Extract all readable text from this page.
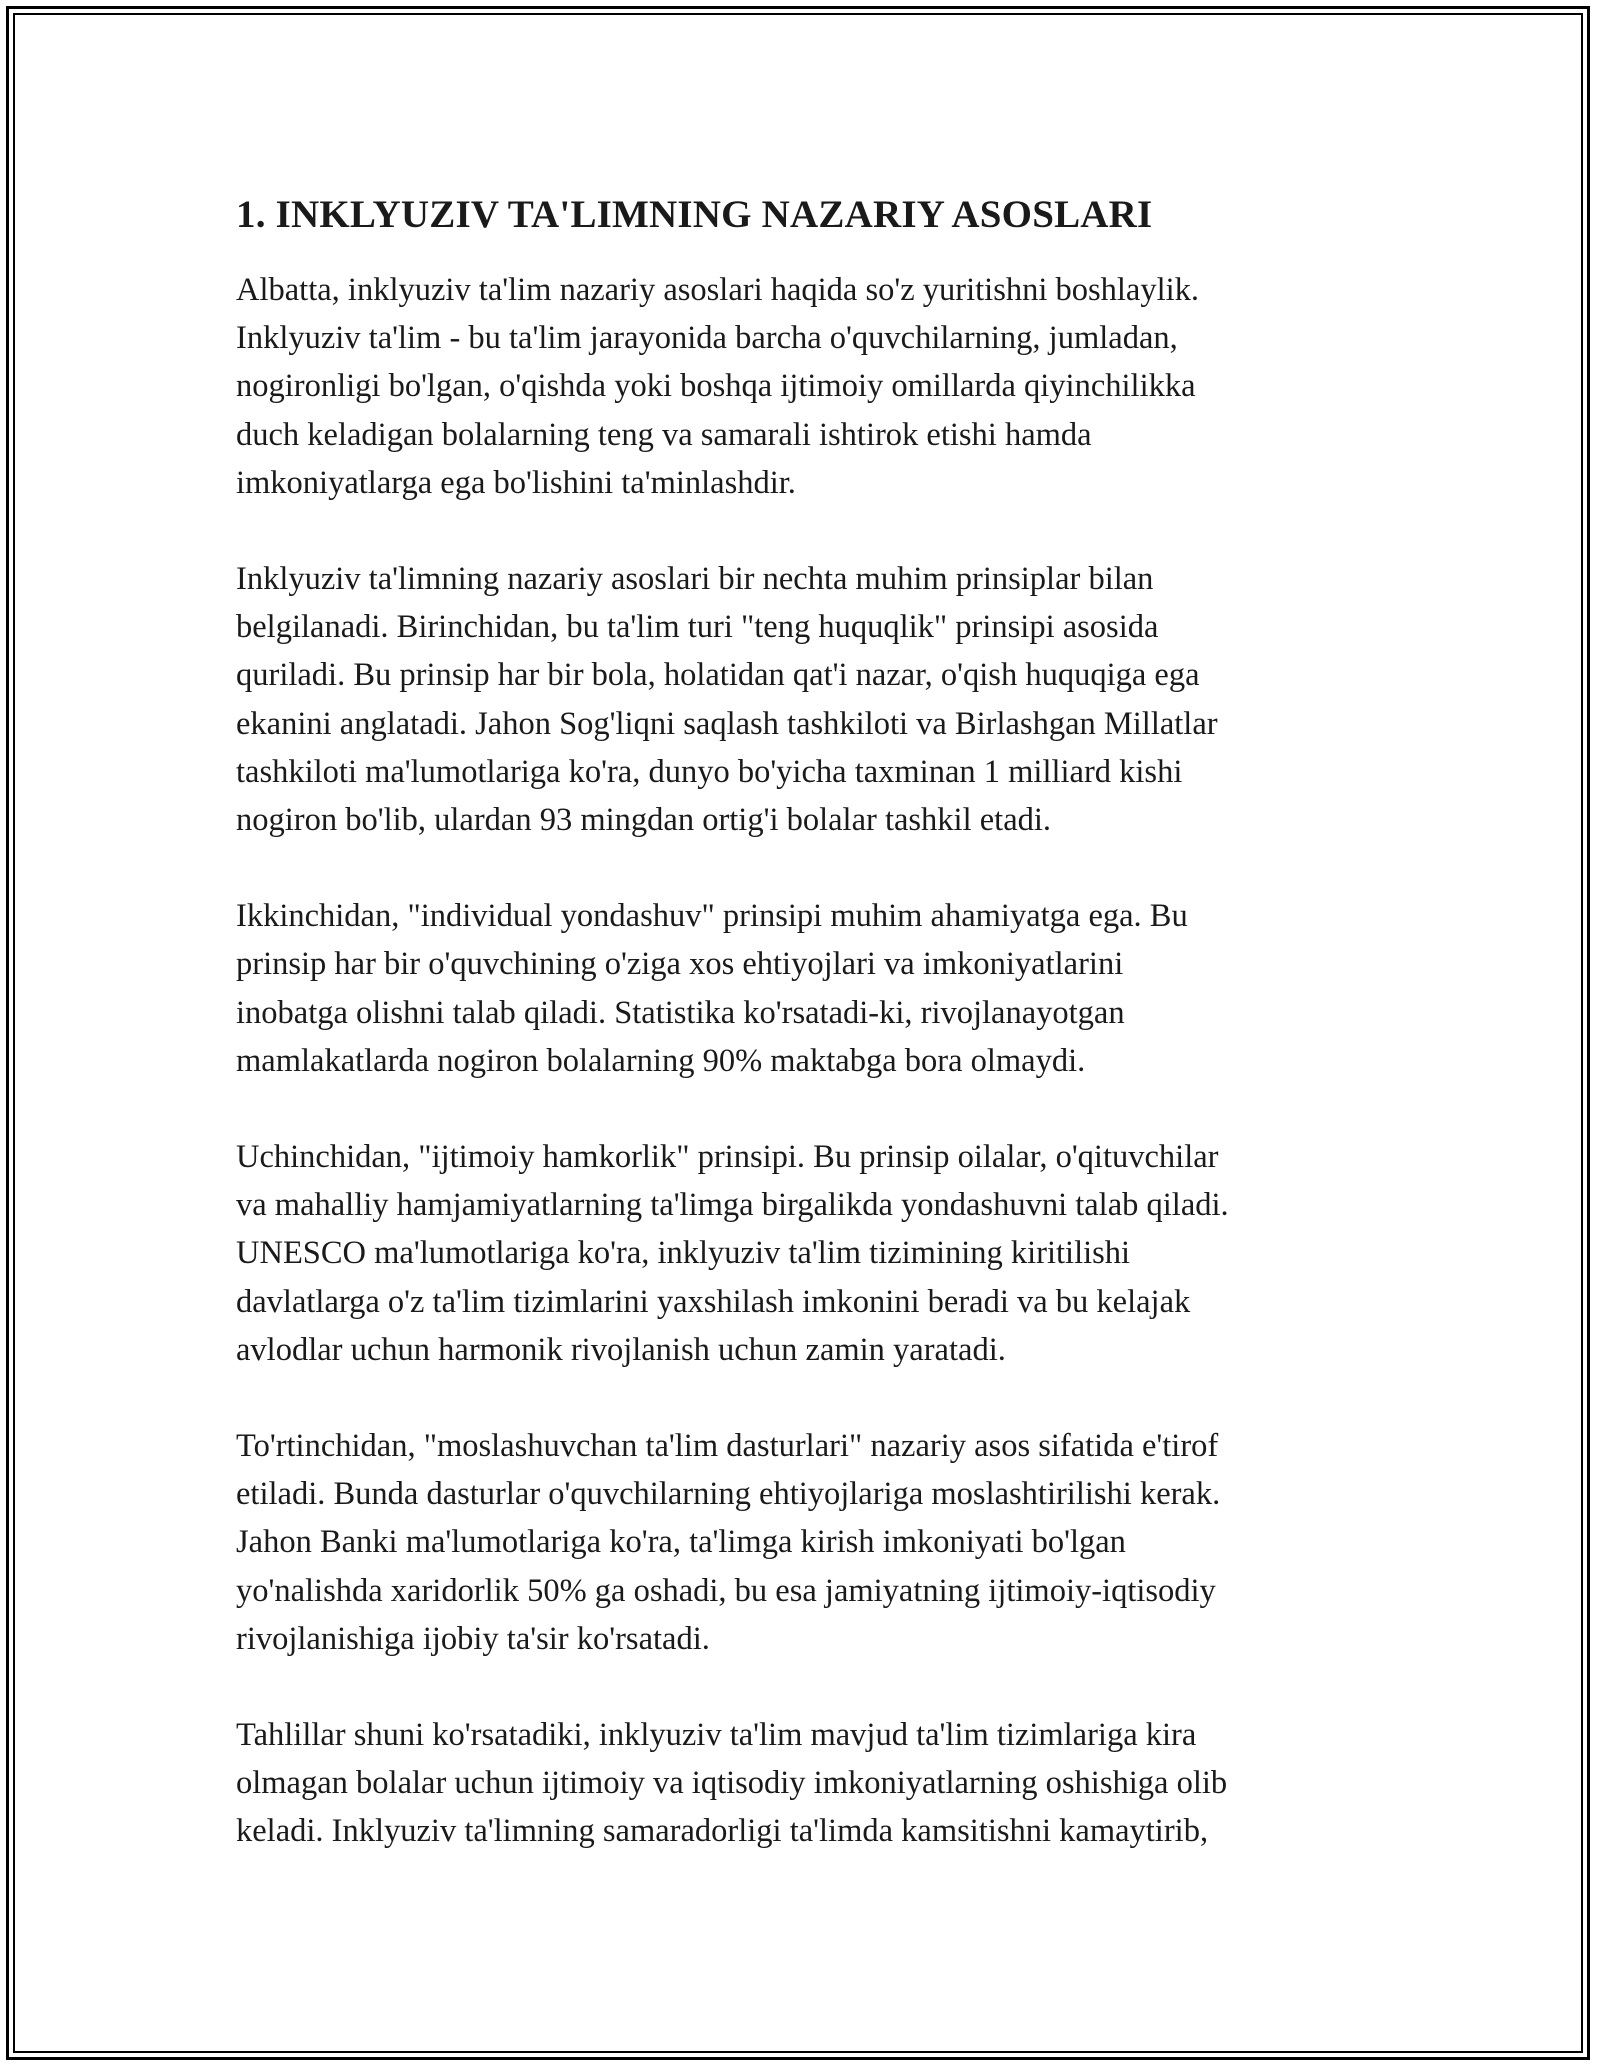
1. INKLYUZIV TA'LIMNING NAZARIY ASOSLARI

Albatta, inklyuziv ta'lim nazariy asoslari haqida so'z yuritishni boshlaylik.
Inklyuziv ta'lim - bu ta'lim jarayonida barcha o'quvchilarning, jumladan,
nogironligi bo'lgan, o'qishda yoki boshqa ijtimoiy omillarda qiyinchilikka
duch keladigan bolalarning teng va samarali ishtirok etishi hamda
imkoniyatlarga ega bo'lishini ta'minlashdir.

Inklyuziv ta'limning nazariy asoslari bir nechta muhim prinsiplar bilan
belgilanadi. Birinchidan, bu ta'lim turi "teng huquqlik" prinsipi asosida
quriladi. Bu prinsip har bir bola, holatidan qat'i nazar, o'qish huquqiga ega
ekanini anglatadi. Jahon Sog'liqni saqlash tashkiloti va Birlashgan Millatlar
tashkiloti ma'lumotlariga ko'ra, dunyo bo'yicha taxminan 1 milliard kishi
nogiron bo'lib, ulardan 93 mingdan ortig'i bolalar tashkil etadi.

Ikkinchidan, "individual yondashuv" prinsipi muhim ahamiyatga ega. Bu
prinsip har bir o'quvchining o'ziga xos ehtiyojlari va imkoniyatlarini
inobatga olishni talab qiladi. Statistika ko'rsatadi-ki, rivojlanayotgan
mamlakatlarda nogiron bolalarning 90% maktabga bora olmaydi.

Uchinchidan, "ijtimoiy hamkorlik" prinsipi. Bu prinsip oilalar, o'qituvchilar
va mahalliy hamjamiyatlarning ta'limga birgalikda yondashuvni talab qiladi.
UNESCO ma'lumotlariga ko'ra, inklyuziv ta'lim tizimining kiritilishi
davlatlarga o'z ta'lim tizimlarini yaxshilash imkonini beradi va bu kelajak
avlodlar uchun harmonik rivojlanish uchun zamin yaratadi.

To'rtinchidan, "moslashuvchan ta'lim dasturlari" nazariy asos sifatida e'tirof
etiladi. Bunda dasturlar o'quvchilarning ehtiyojlariga moslashtirilishi kerak.
Jahon Banki ma'lumotlariga ko'ra, ta'limga kirish imkoniyati bo'lgan
yo'nalishda xaridorlik 50% ga oshadi, bu esa jamiyatning ijtimoiy-iqtisodiy
rivojlanishiga ijobiy ta'sir ko'rsatadi.

Tahlillar shuni ko'rsatadiki, inklyuziv ta'lim mavjud ta'lim tizimlariga kira
olmagan bolalar uchun ijtimoiy va iqtisodiy imkoniyatlarning oshishiga olib
keladi. Inklyuziv ta'limning samaradorligi ta'limda kamsitishni kamaytirib,
